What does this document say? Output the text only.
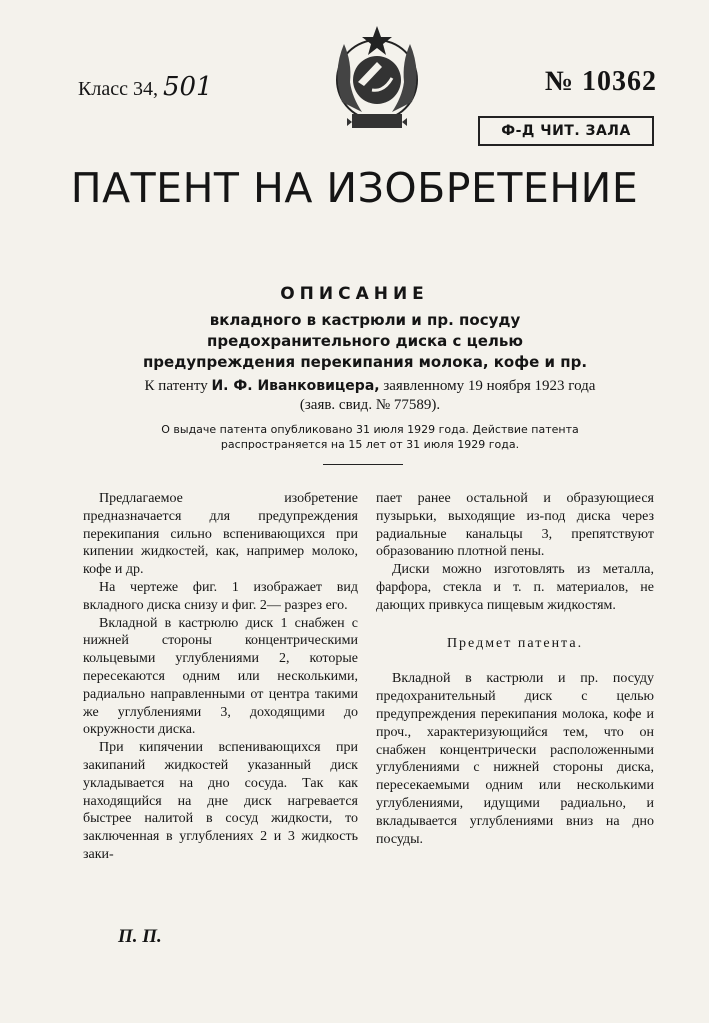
Класс 34, 501	№ 10362
Ф-Д ЧИТ. ЗАЛА
ПАТЕНТ НА ИЗОБРЕТЕНИЕ
ОПИСАНИЕ
вкладного в кастрюли и пр. посуду предохранительного диска с целью предупреждения перекипания молока, кофе и пр.
К патенту И. Ф. Иванковицера, заявленному 19 ноября 1923 года (заяв. свид. № 77589).
О выдаче патента опубликовано 31 июля 1929 года. Действие патента распространяется на 15 лет от 31 июля 1929 года.

Предлагаемое изобретение предназначается для предупреждения перекипания сильно вспенивающихся при кипении жидкостей, как, например молоко, кофе и др.

На чертеже фиг. 1 изображает вид вкладного диска снизу и фиг. 2— разрез его.

Вкладной в кастрюлю диск 1 снабжен с нижней стороны концентрическими кольцевыми углублениями 2, которые пересекаются одним или несколькими, радиально направленными от центра такими же углублениями 3, доходящими до окружности диска.

При кипячении вспенивающихся при закипаний жидкостей указанный диск укладывается на дно сосуда. Так как находящийся на дне диск нагревается быстрее налитой в сосуд жидкости, то заключенная в углублениях 2 и 3 жидкость заки-

пает ранее остальной и образующиеся пузырьки, выходящие из-под диска через радиальные канальцы 3, препятствуют образованию плотной пены.

Диски можно изготовлять из металла, фарфора, стекла и т. п. материалов, не дающих привкуса пищевым жидкостям.

Предмет патента.

Вкладной в кастрюли и пр. посуду предохранительный диск с целью предупреждения перекипания молока, кофе и проч., характеризующийся тем, что он снабжен концентрически расположенными углублениями с нижней стороны диска, пересекаемыми одним или несколькими углублениями, идущими радиально, и вкладывается углублениями вниз на дно посуды.

П. П.
